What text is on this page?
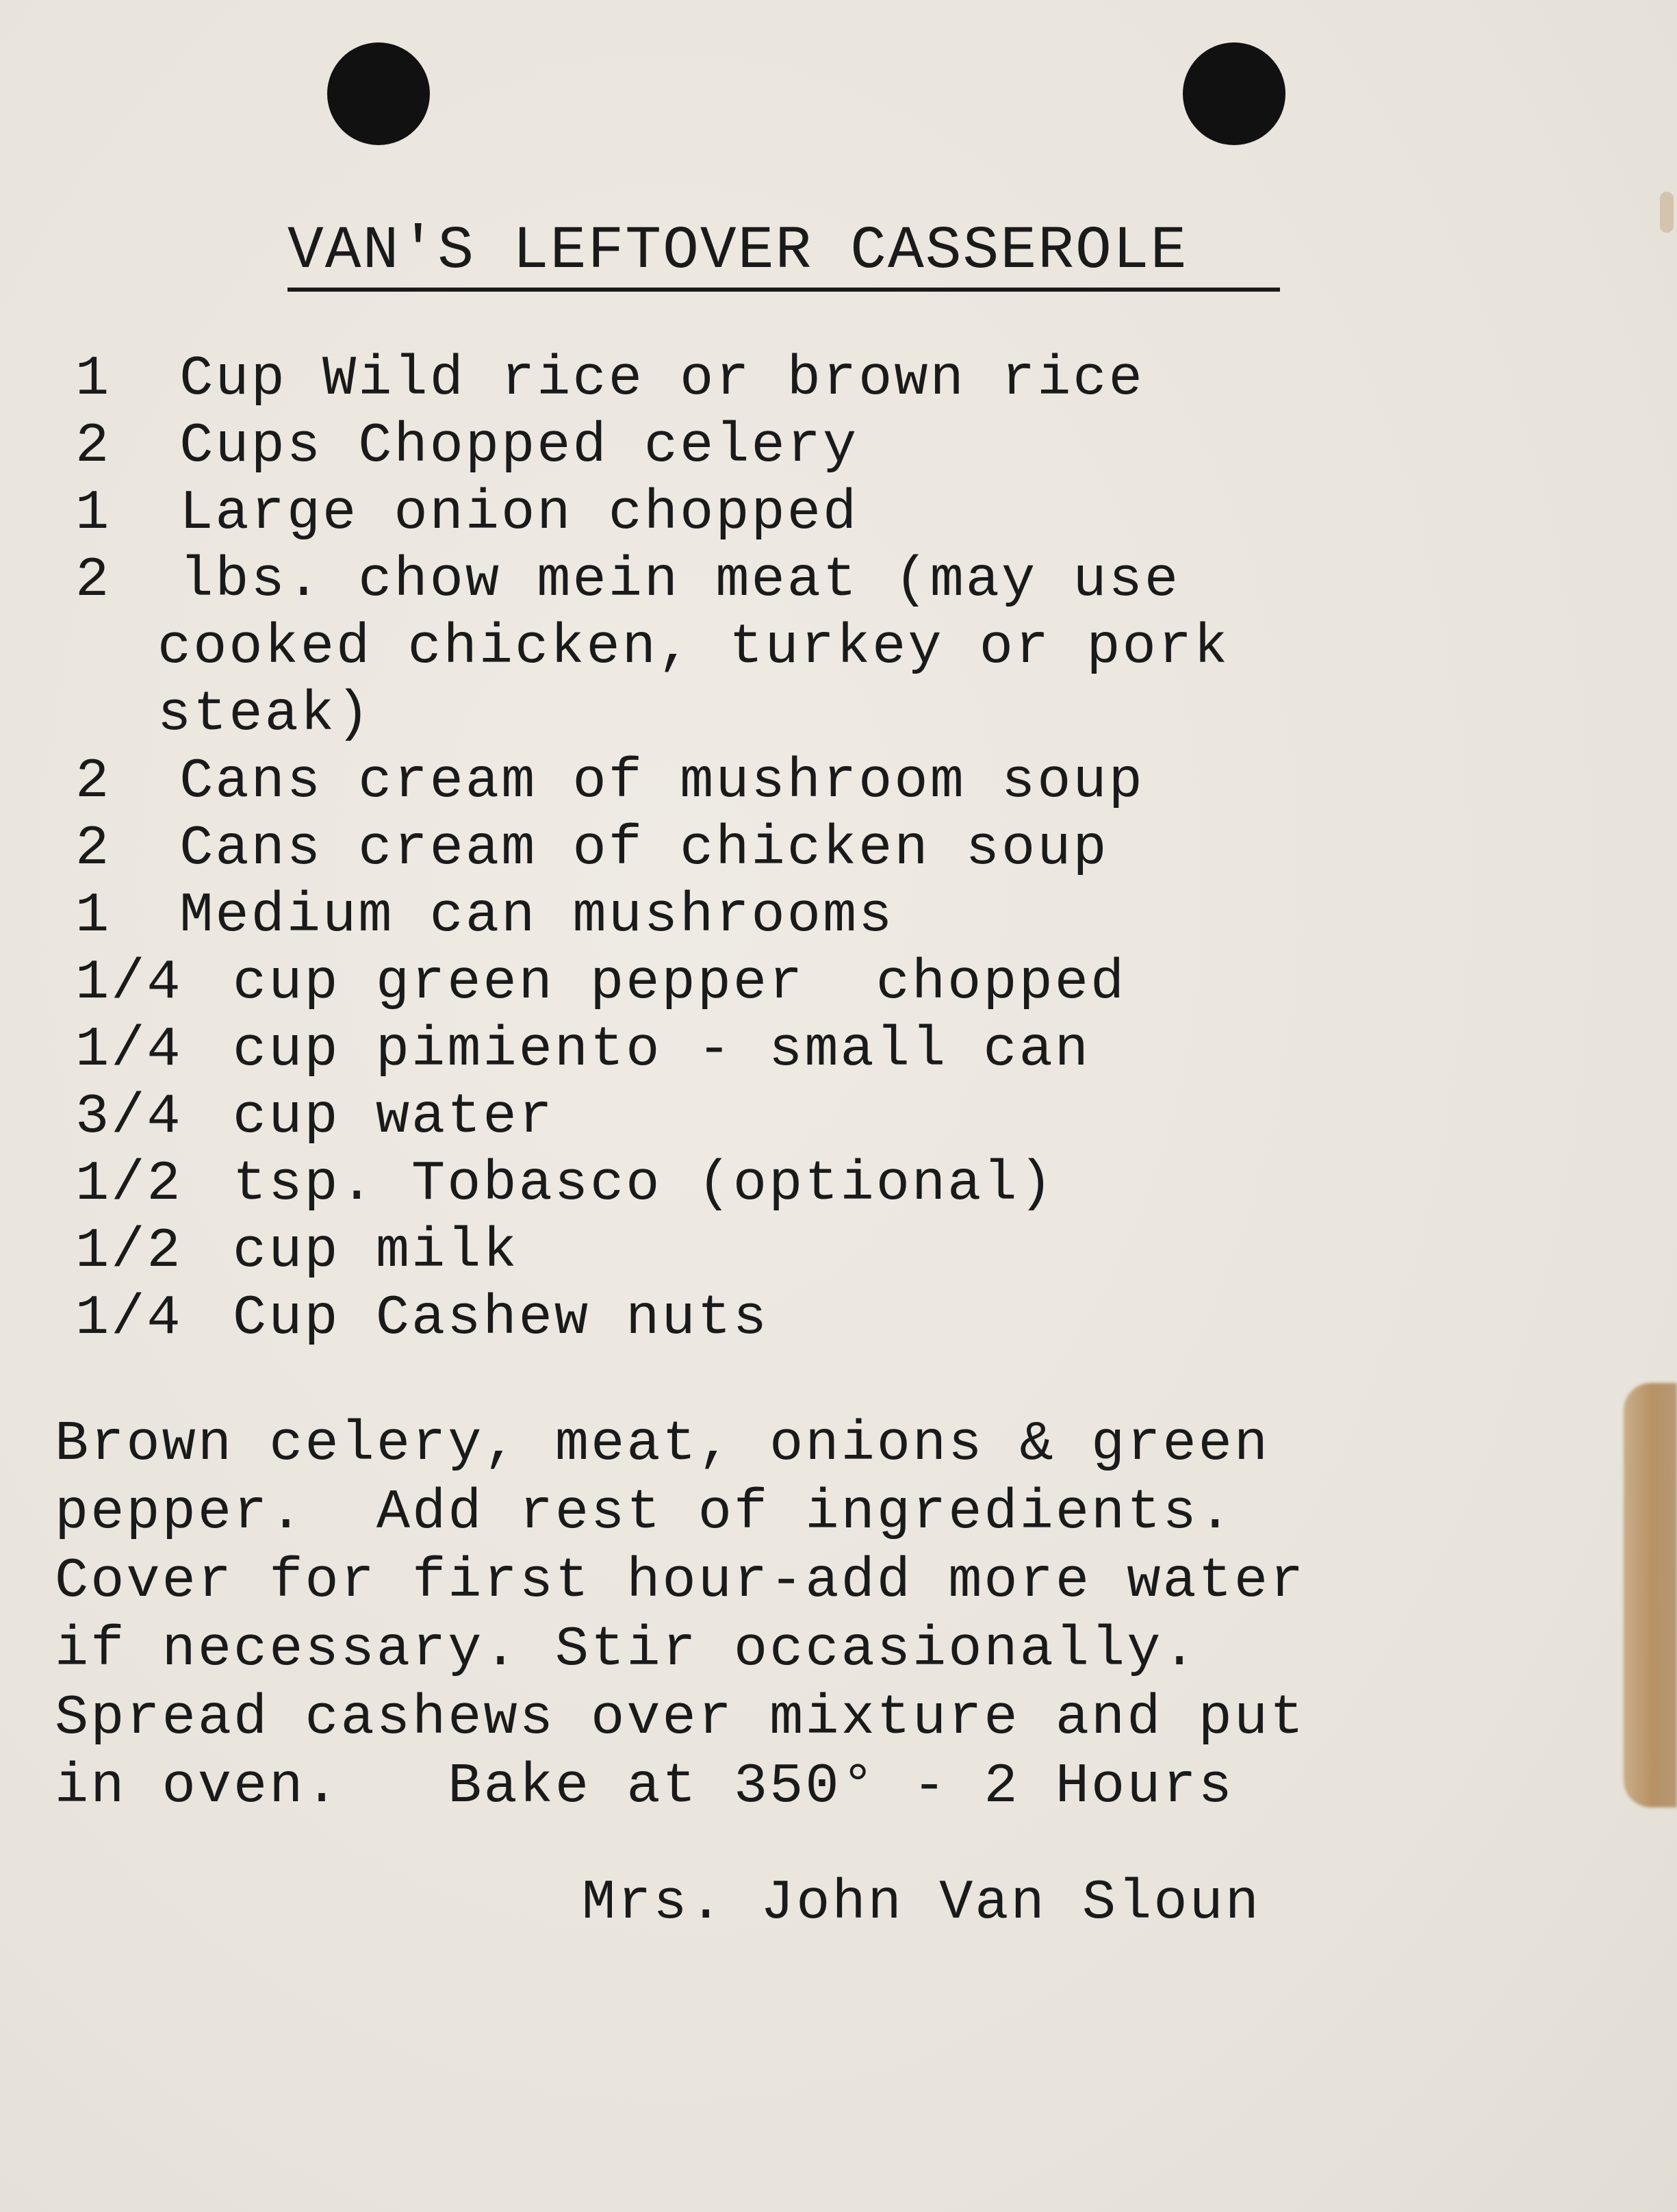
VAN'S LEFTOVER CASSEROLE
1 Cup Wild rice or brown rice
2 Cups Chopped celery
1 Large onion chopped
2 lbs. chow mein meat (may use
cooked chicken, turkey or pork
steak)
2 Cans cream of mushroom soup
2 Cans cream of chicken soup
1 Medium can mushrooms
1/4 cup green pepper  chopped
1/4 cup pimiento - small can
3/4 cup water
1/2 tsp. Tobasco (optional)
1/2 cup milk
1/4 Cup Cashew nuts

Brown celery, meat, onions & green
pepper.  Add rest of ingredients.
Cover for first hour-add more water
if necessary. Stir occasionally.
Spread cashews over mixture and put
in oven.   Bake at 350° - 2 Hours

Mrs. John Van Sloun
